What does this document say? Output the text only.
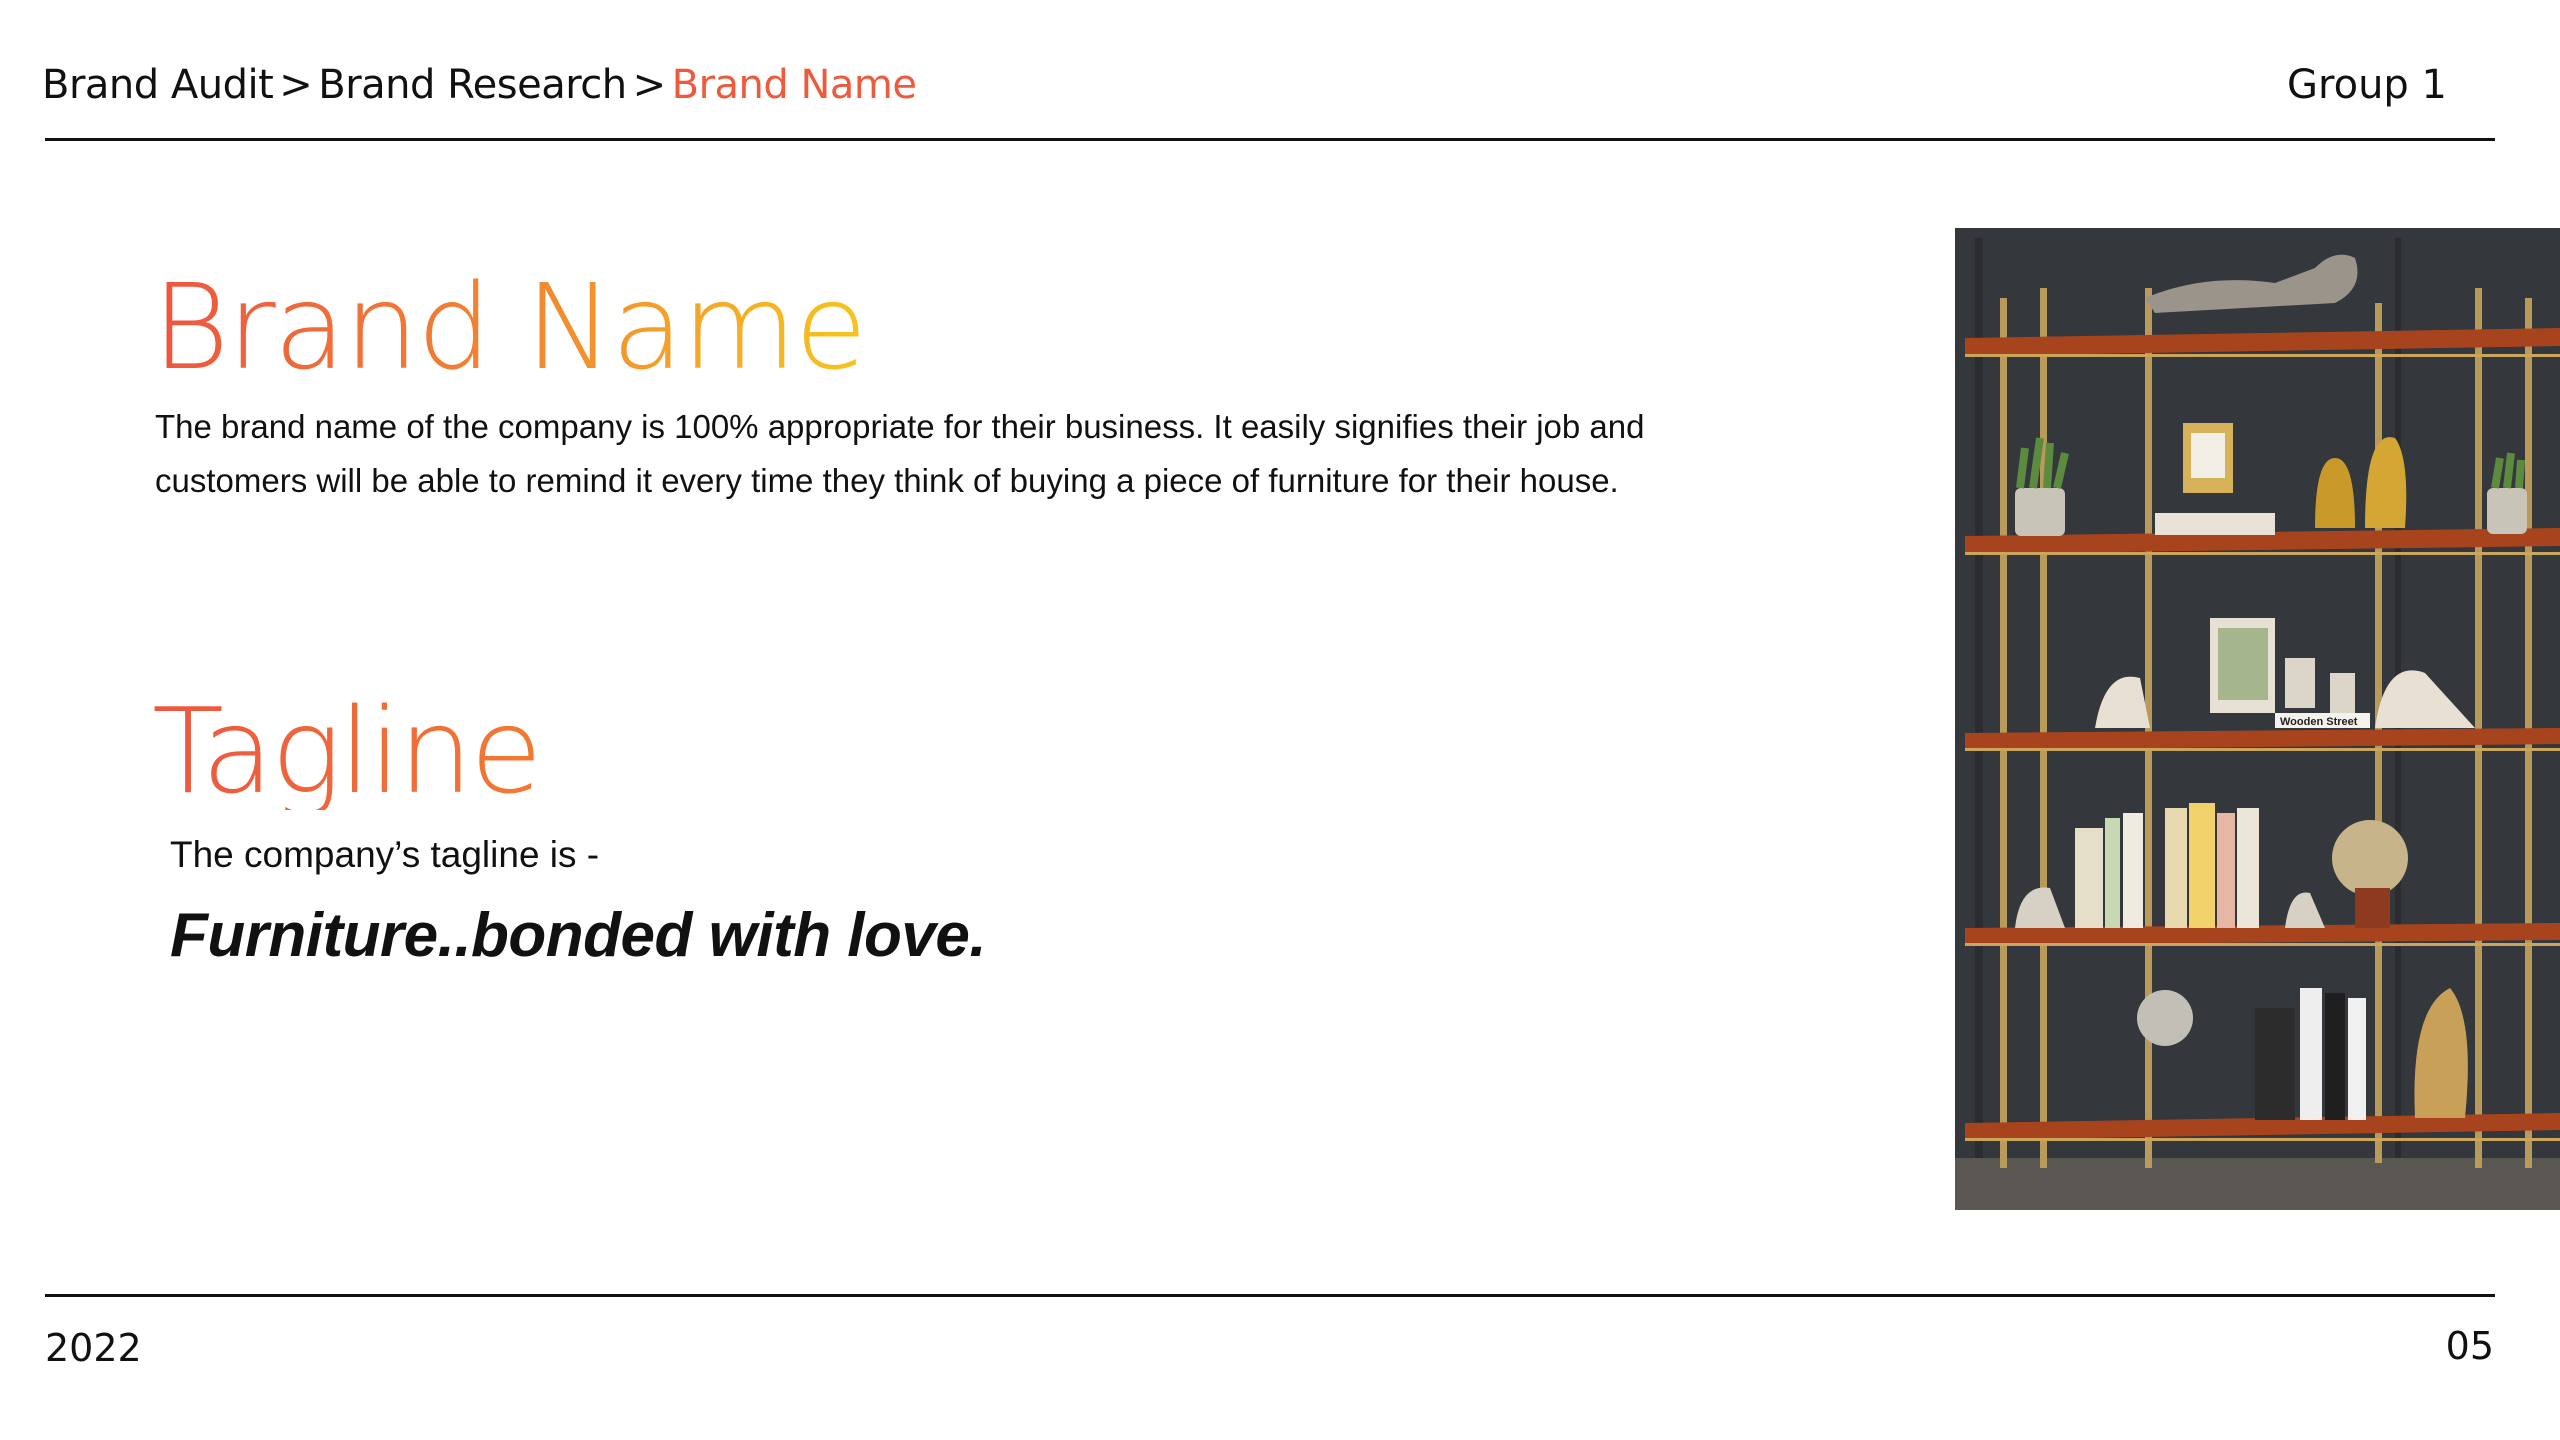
Brand Audit > Brand Research > Brand Name	Group 1
Brand Name
The brand name of the company is 100% appropriate for their business. It easily signifies their job and customers will be able to remind it every time they think of buying a piece of furniture for their house.
Tagline
The company’s tagline is -
Furniture..bonded with love.
Wooden Street
2022	05
